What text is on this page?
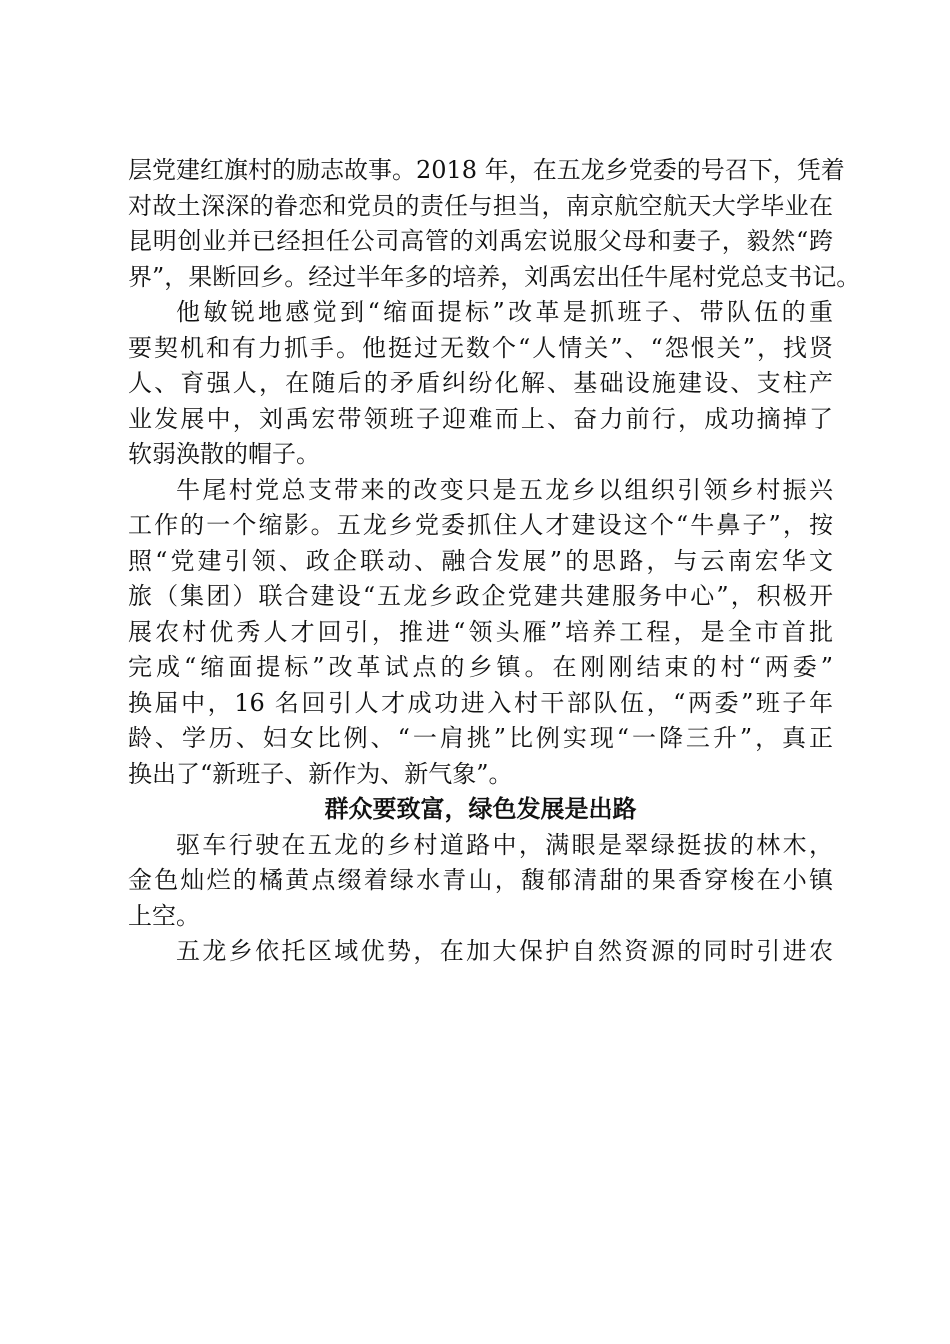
层党建红旗村的励志故事。2018 年，在五龙乡党委的号召下，凭着
对故土深深的眷恋和党员的责任与担当，南京航空航天大学毕业在
昆明创业并已经担任公司高管的刘禹宏说服父母和妻子，毅然“跨
界”，果断回乡。经过半年多的培养，刘禹宏出任牛尾村党总支书记。
他敏锐地感觉到“缩面提标”改革是抓班子、带队伍的重
要契机和有力抓手。他挺过无数个“人情关”、“怨恨关”，找贤
人、育强人，在随后的矛盾纠纷化解、基础设施建设、支柱产
业发展中，刘禹宏带领班子迎难而上、奋力前行，成功摘掉了
软弱涣散的帽子。
牛尾村党总支带来的改变只是五龙乡以组织引领乡村振兴
工作的一个缩影。五龙乡党委抓住人才建设这个“牛鼻子”，按
照“党建引领、政企联动、融合发展”的思路，与云南宏华文
旅（集团）联合建设“五龙乡政企党建共建服务中心”，积极开
展农村优秀人才回引，推进“领头雁”培养工程，是全市首批
完成“缩面提标”改革试点的乡镇。在刚刚结束的村“两委”
换届中，16 名回引人才成功进入村干部队伍，“两委”班子年
龄、学历、妇女比例、“一肩挑”比例实现“一降三升”，真正
换出了“新班子、新作为、新气象”。
群众要致富，绿色发展是出路
驱车行驶在五龙的乡村道路中，满眼是翠绿挺拔的林木，
金色灿烂的橘黄点缀着绿水青山，馥郁清甜的果香穿梭在小镇
上空。
五龙乡依托区域优势，在加大保护自然资源的同时引进农
